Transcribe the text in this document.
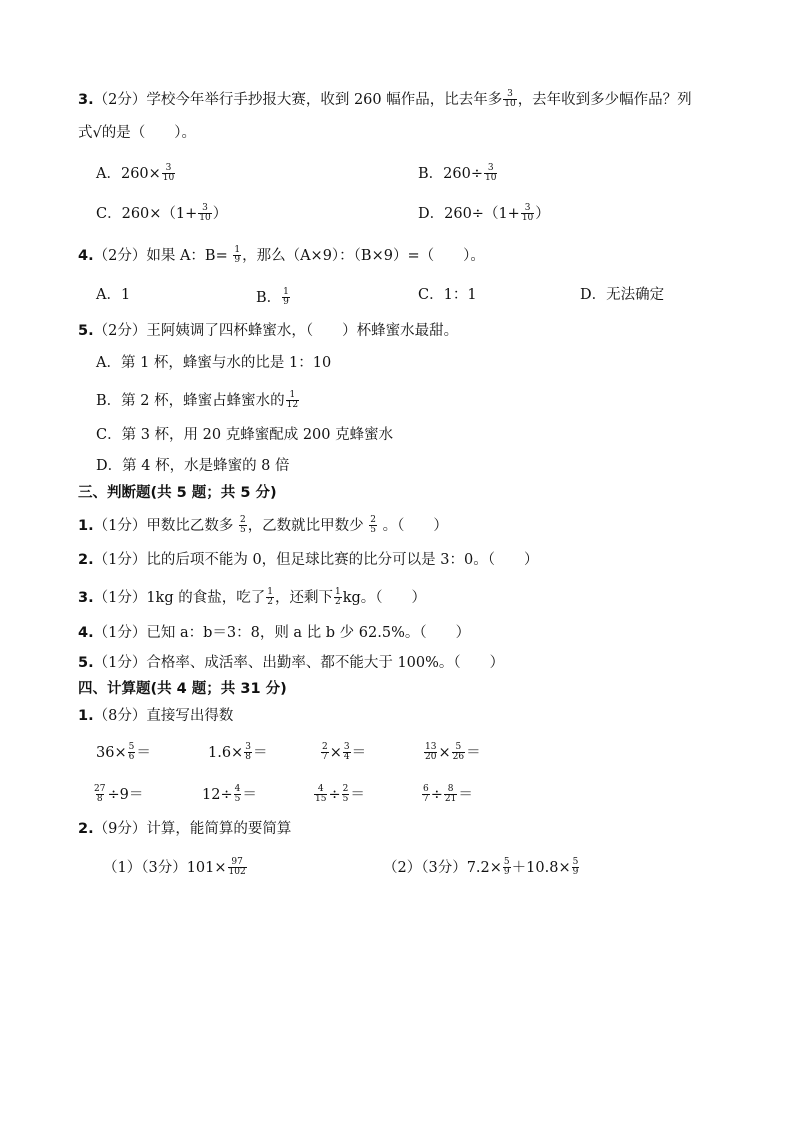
3.（2分）学校今年举行手抄报大赛，收到 260 幅作品，比去年多 $\frac{3}{10}$ ，去年收到多少幅作品？列
式√的是（　　）。
A．$260\times \frac{3}{10}$	B．$260\div \frac{3}{10}$
C．$260\times(1+ \frac{3}{10}$ ）	D．$260\div(1+ \frac{3}{10}$ ）
4.（2分）如果 A：$B= \frac{1}{9}$ ，那么（A×9）：（B×9）=（　　）。
A．1	B． $\frac{1}{9}$	C．1：1	D．无法确定
5.（2分）王阿姨调了四杯蜂蜜水，（　　）杯蜂蜜水最甜。
A．第 1 杯，蜂蜜与水的比是 1：10
B．第 2 杯，蜂蜜占蜂蜜水的 $\frac{1}{12}$
C．第 3 杯，用 20 克蜂蜜配成 200 克蜂蜜水
D．第 4 杯，水是蜂蜜的 8 倍
三、判断题(共 5 题；共 5 分)
1.（1分）甲数比乙数多 $\frac{2}{5}$ ，乙数就比甲数少 $\frac{2}{5}$ 。（　　）
2.（1分）比的后项不能为 0，但足球比赛的比分可以是 3：0。（　　）
3.（1分）1kg 的食盐，吃了 $\frac{1}{2}$ ，还剩下 $\frac{1}{2}$ kg。（　　）
4.（1分）已知 a：b＝3：8，则 a 比 b 少 62.5%。（　　）
5.（1分）合格率、成活率、出勤率、都不能大于 100%。（　　）
四、计算题(共 4 题；共 31 分)
1.（8分）直接写出得数
$36\times \frac{5}{6}$ ＝	$1.6\times \frac{3}{8}$ ＝	$\frac{2}{7} \times \frac{3}{4}$ ＝	$\frac{13}{20} \times \frac{5}{26}$ ＝
$\frac{27}{8} \div 9=$	$12\div \frac{4}{5}$ ＝	$\frac{4}{15} \div \frac{2}{5}$ ＝	$\frac{6}{7} \div \frac{8}{21}$ ＝
2.（9分）计算，能简算的要简算
（1）（3分）$101\times \frac{97}{102}$	（2）（3分）$7.2\times \frac{5}{9} +10.8\times \frac{5}{9}$
